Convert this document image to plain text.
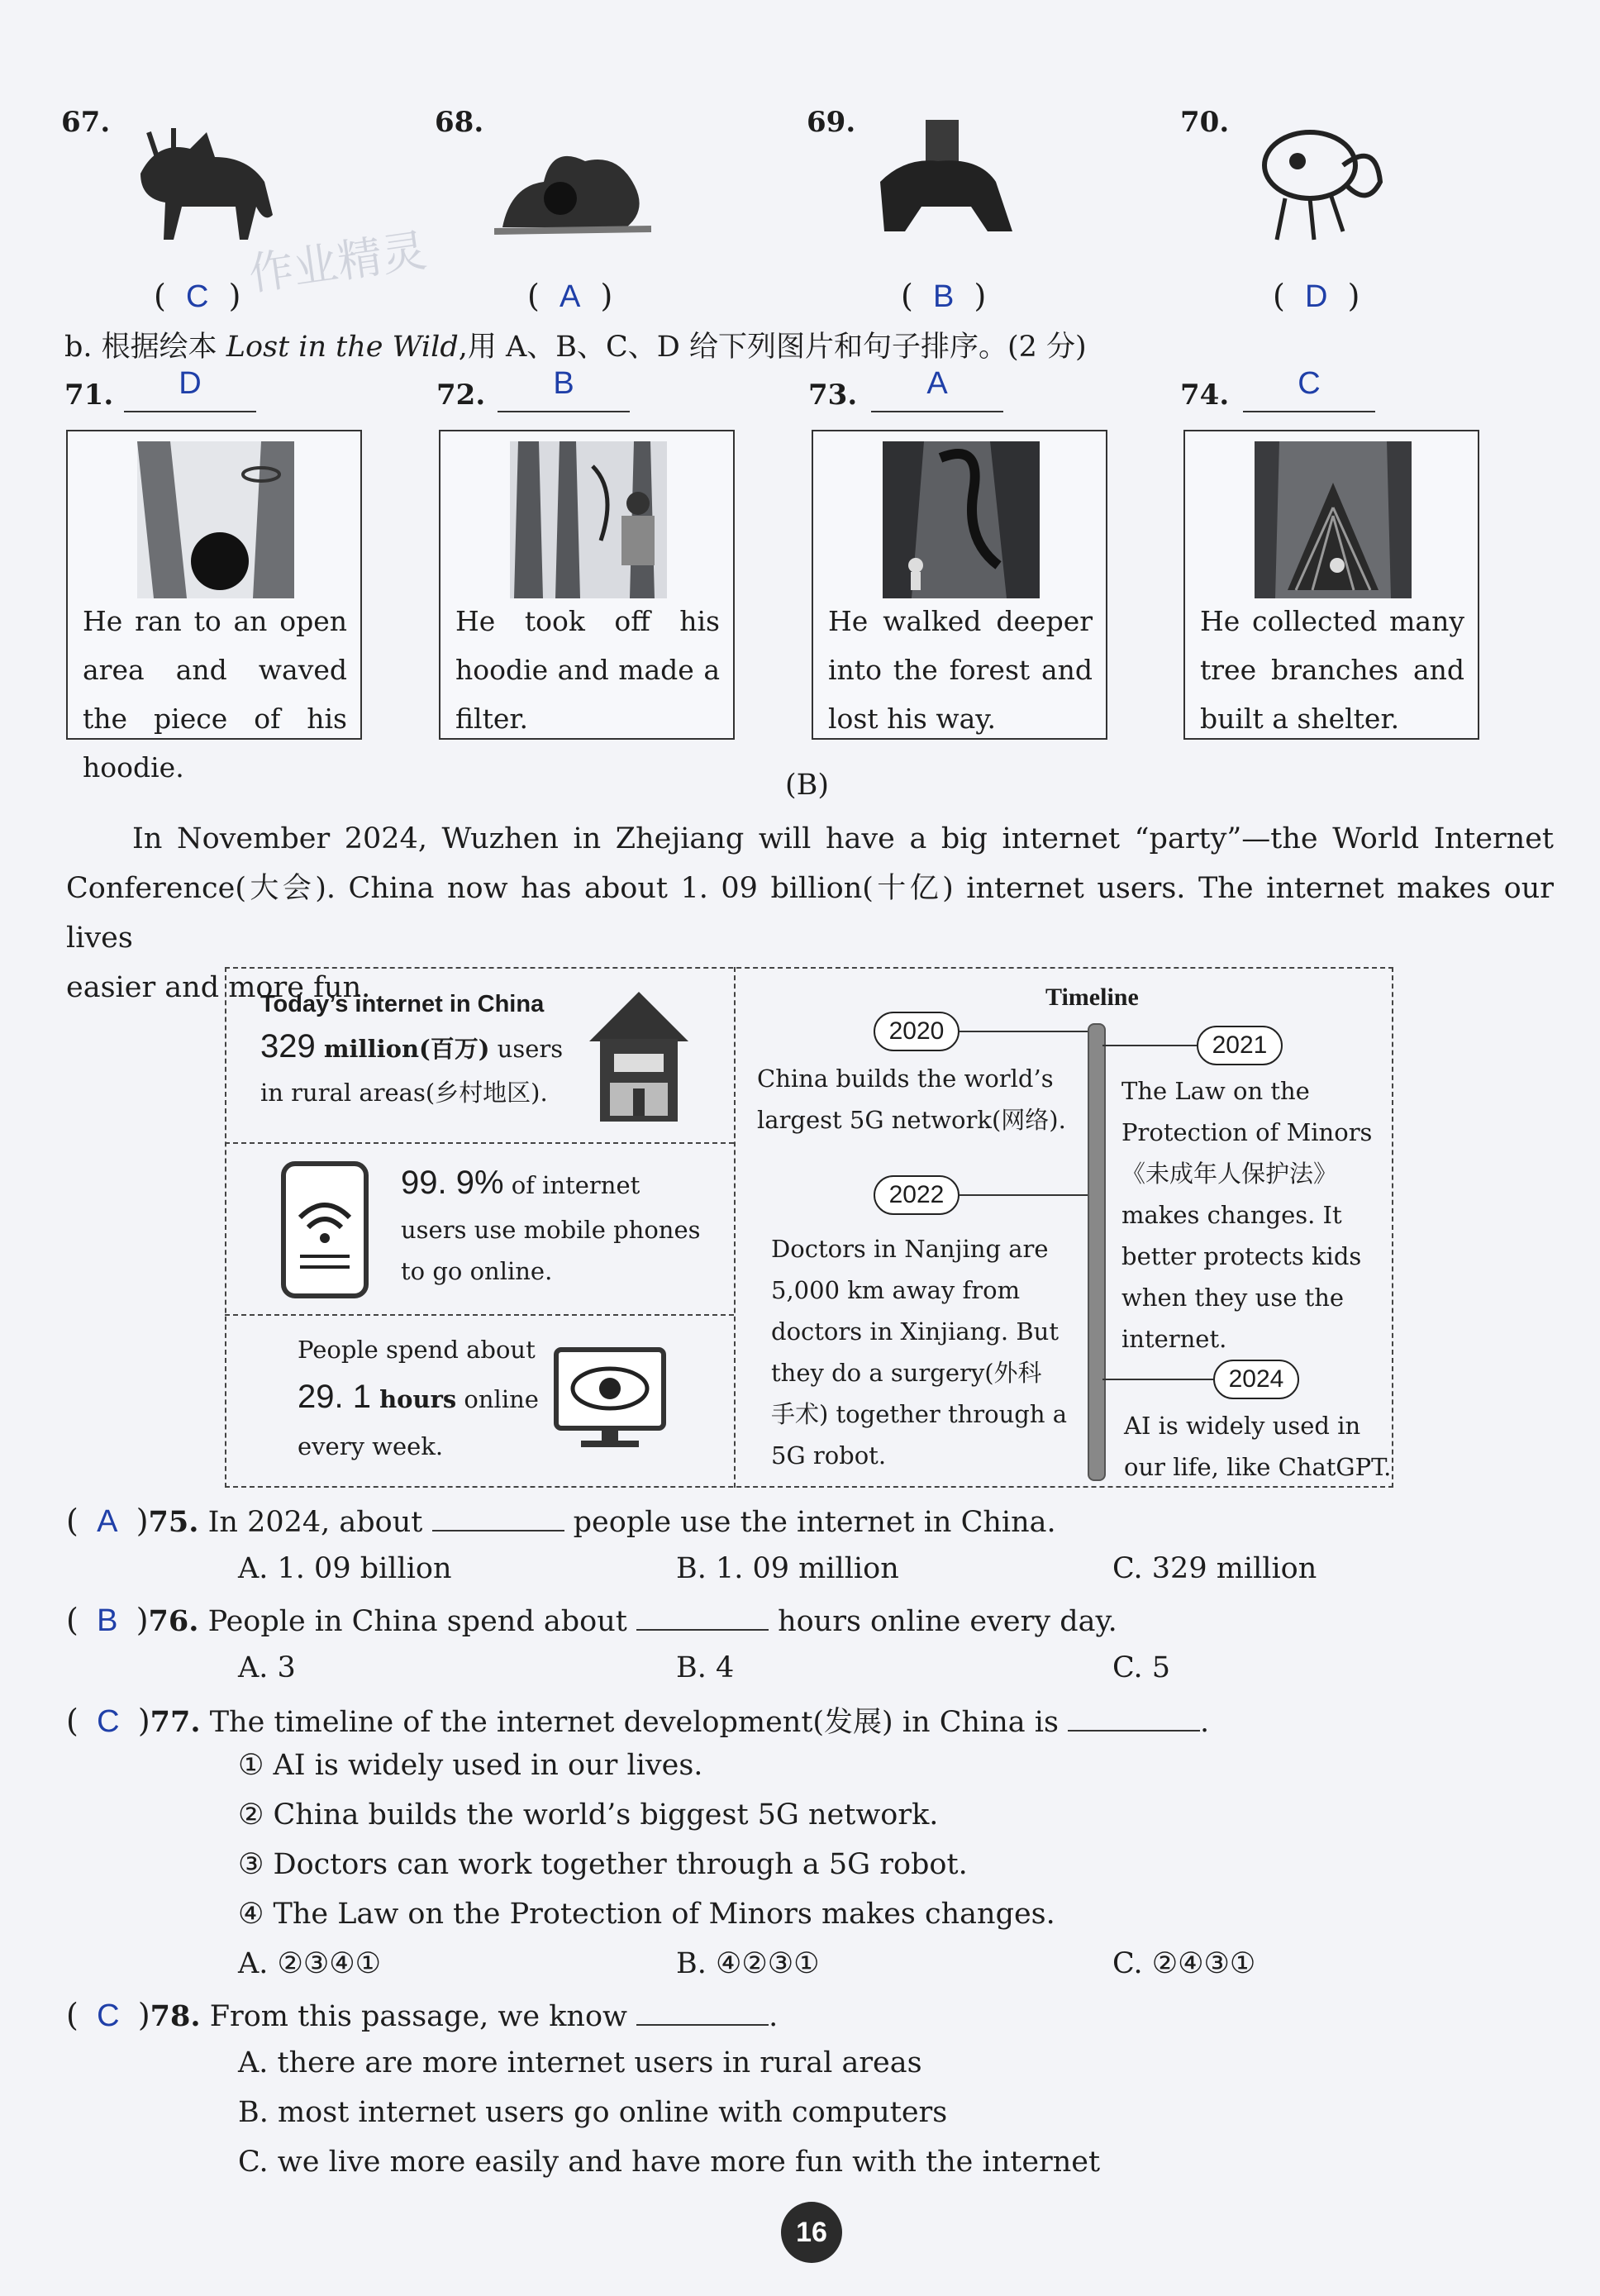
67.	68.	69.	70.
作业精灵
(  C  )	(  A  )	(  B  )	(  D  )
b. 根据绘本 Lost in the Wild,用 A、B、C、D 给下列图片和句子排序。(2 分)
71.	D	72.	B	73.	A	74.	C
He ran to an open area and waved the piece of his hoodie.
He took off his hoodie and made a filter.
He walked deeper into the forest and lost his way.
He collected many tree branches and built a shelter.
(B)
In November 2024, Wuzhen in Zhejiang will have a big internet “party”—the World Internet
Conference(大会). China now has about 1. 09 billion(十亿) internet users. The internet makes our lives
easier and more fun.
Today’s internet in China
329 million(百万) users
in rural areas(乡村地区).
99. 9% of internet
users use mobile phones
to go online.
People spend about
29. 1 hours online
every week.
Timeline
2020
China builds the world’s
largest 5G network(网络).
2021
The Law on the
Protection of Minors
《未成年人保护法》
makes changes. It
better protects kids
when they use the
internet.
2022
Doctors in Nanjing are
5,000 km away from
doctors in Xinjiang. But
they do a surgery(外科
手术) together through a
5G robot.
2024
AI is widely used in
our life, like ChatGPT.
( A )75. In 2024, about	people use the internet in China.
A. 1. 09 billion	B. 1. 09 million	C. 329 million
( B )76. People in China spend about	hours online every day.
A. 3	B. 4	C. 5
( C )77. The timeline of the internet development(发展) in China is	.
① AI is widely used in our lives.
② China builds the world’s biggest 5G network.
③ Doctors can work together through a 5G robot.
④ The Law on the Protection of Minors makes changes.
A. ②③④①	B. ④②③①	C. ②④③①
( C )78. From this passage, we know	.
A. there are more internet users in rural areas
B. most internet users go online with computers
C. we live more easily and have more fun with the internet
16
